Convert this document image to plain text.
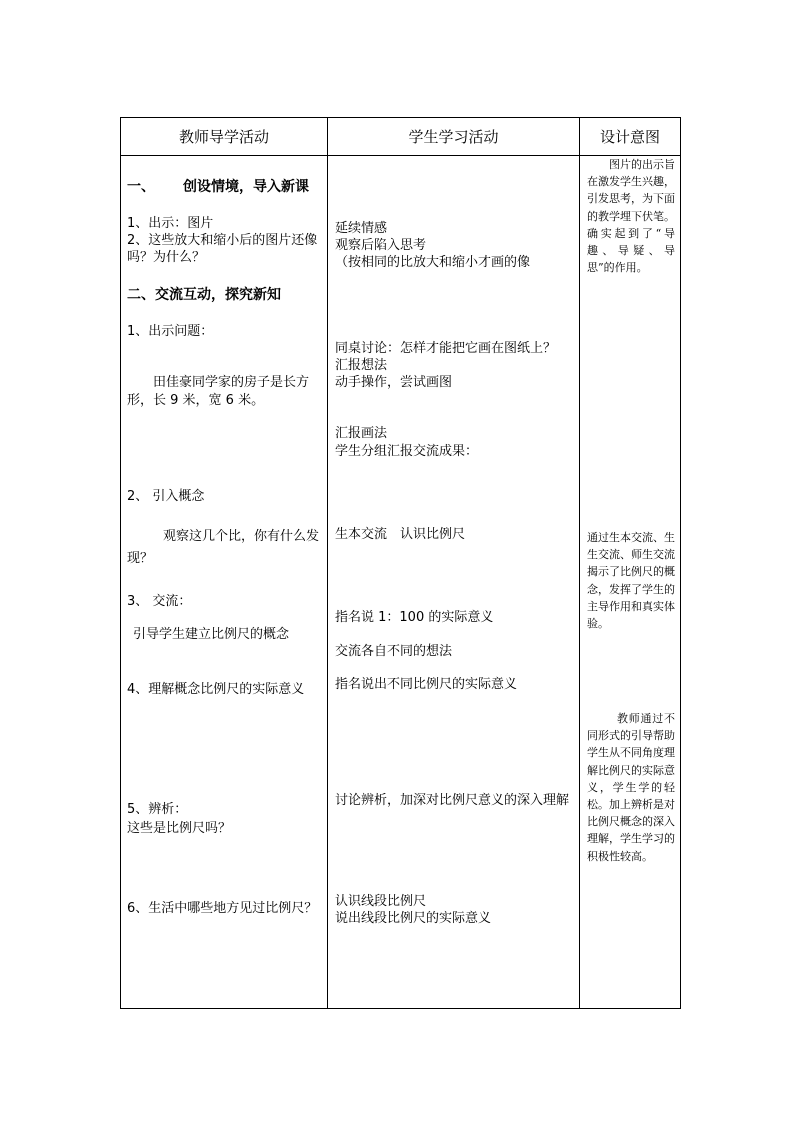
教师导学活动	学生学习活动	设计意图
一、 创设情境，导入新课
1、出示：图片
2、这些放大和缩小后的图片还像吗？为什么？
二、交流互动，探究新知
1、出示问题：
田佳豪同学家的房子是长方形，长 9 米，宽 6 米。
2、 引入概念
观察这几个比，你有什么发现？
3、 交流：
引导学生建立比例尺的概念
4、理解概念比例尺的实际意义
5、辨析：
这些是比例尺吗？
6、生活中哪些地方见过比例尺？
延续情感
观察后陷入思考
（按相同的比放大和缩小才画的像
同桌讨论：怎样才能把它画在图纸上？
汇报想法
动手操作，尝试画图
汇报画法
学生分组汇报交流成果：
生本交流　认识比例尺
指名说 1：100 的实际意义
交流各自不同的想法
指名说出不同比例尺的实际意义
讨论辨析，加深对比例尺意义的深入理解
认识线段比例尺
说出线段比例尺的实际意义
图片的出示旨在激发学生兴趣，引发思考，为下面的教学埋下伏笔。确实起到了“导趣、导疑、导思”的作用。
通过生本交流、生生交流、师生交流揭示了比例尺的概念，发挥了学生的主导作用和真实体验。
教师通过不同形式的引导帮助学生从不同角度理解比例尺的实际意义，学生学的轻松。加上辨析是对比例尺概念的深入理解，学生学习的积极性较高。
